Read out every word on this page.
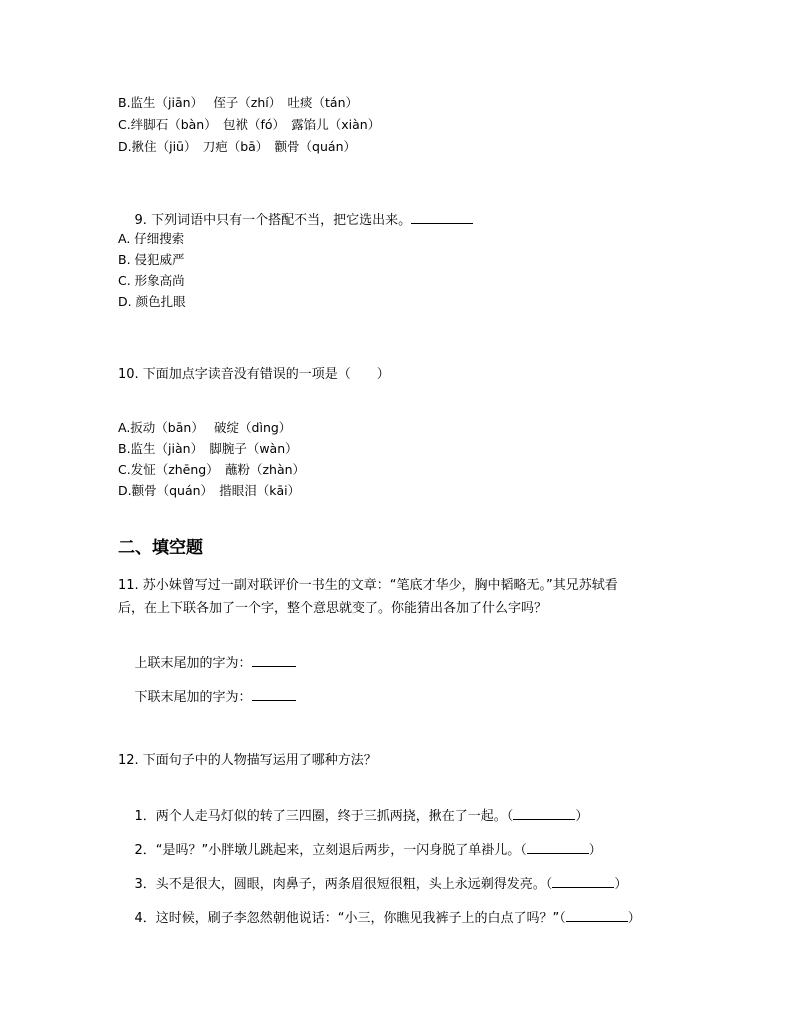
B.监生（jiān）　 侄子（zhí）　吐痰（tán）
C.绊脚石（bàn）　包袱（fó）　露馅儿（xiàn）
D.揪住（jiū）　刀疤（bā）　颧骨（quán）

9. 下列词语中只有一个搭配不当，把它选出来。

A. 仔细搜索
B. 侵犯威严
C. 形象高尚
D. 颜色扎眼
10. 下面加点字读音没有错误的一项是（　　）
A.扳动（bān）　 破绽（dìng）
B.监生（jiàn）　脚腕子（wàn）
C.发怔（zhēng）　蘸粉（zhàn）
D.颧骨（quán）　揩眼泪（kāi）
二、填空题
11. 苏小妹曾写过一副对联评价一书生的文章：“笔底才华少，胸中韬略无。”其兄苏轼看
后，在上下联各加了一个字，整个意思就变了。你能猜出各加了什么字吗？

上联末尾加的字为：

下联末尾加的字为：

12. 下面句子中的人物描写运用了哪种方法？

1．两个人走马灯似的转了三四圈，终于三抓两挠，揪在了一起。（	）

2．“是吗？”小胖墩儿跳起来，立刻退后两步，一闪身脱了单褂儿。（	）

3．头不是很大，圆眼，肉鼻子，两条眉很短很粗，头上永远剃得发亮。（	）

4．这时候，刷子李忽然朝他说话：“小三，你瞧见我裤子上的白点了吗？”（	）
